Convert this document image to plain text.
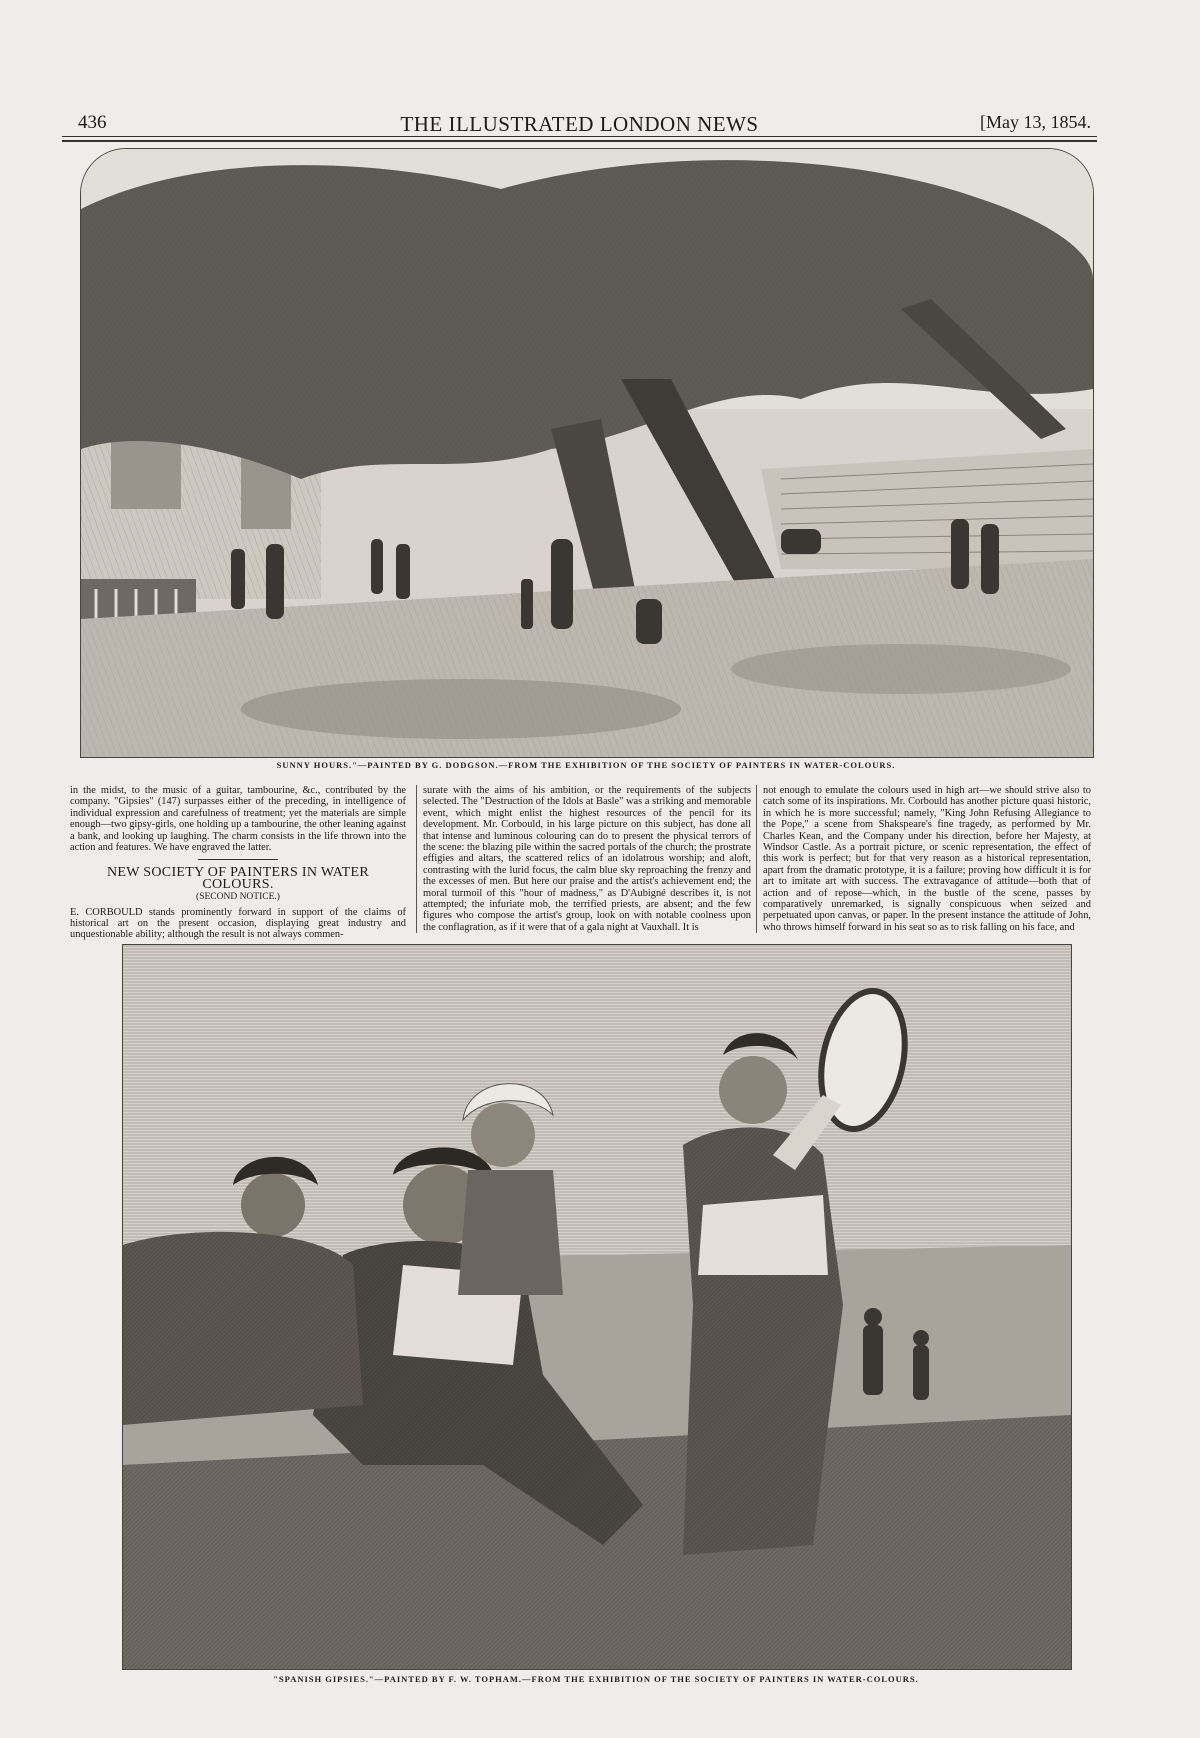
436	THE ILLUSTRATED LONDON NEWS	[May 13, 1854.
SUNNY HOURS."—PAINTED BY G. DODGSON.—FROM THE EXHIBITION OF THE SOCIETY OF PAINTERS IN WATER-COLOURS.

in the midst, to the music of a guitar, tambourine, &c., contributed by the company. "Gipsies" (147) surpasses either of the preceding, in intelligence of individual expression and carefulness of treatment; yet the materials are simple enough—two gipsy-girls, one holding up a tambourine, the other leaning against a bank, and looking up laughing. The charm consists in the life thrown into the action and features. We have engraved the latter.

NEW SOCIETY OF PAINTERS IN WATER COLOURS.
(SECOND NOTICE.)

E. CORBOULD stands prominently forward in support of the claims of historical art on the present occasion, displaying great industry and unquestionable ability; although the result is not always commen-

surate with the aims of his ambition, or the requirements of the subjects selected. The "Destruction of the Idols at Basle" was a striking and memorable event, which might enlist the highest resources of the pencil for its development. Mr. Corbould, in his large picture on this subject, has done all that intense and luminous colouring can do to present the physical terrors of the scene: the blazing pile within the sacred portals of the church; the prostrate effigies and altars, the scattered relics of an idolatrous worship; and aloft, contrasting with the lurid focus, the calm blue sky reproaching the frenzy and the excesses of men. But here our praise and the artist's achievement end; the moral turmoil of this "hour of madness," as D'Aubigné describes it, is not attempted; the infuriate mob, the terrified priests, are absent; and the few figures who compose the artist's group, look on with notable coolness upon the conflagration, as if it were that of a gala night at Vauxhall. It is

not enough to emulate the colours used in high art—we should strive also to catch some of its inspirations. Mr. Corbould has another picture quasi historic, in which he is more successful; namely, "King John Refusing Allegiance to the Pope," a scene from Shakspeare's fine tragedy, as performed by Mr. Charles Kean, and the Company under his direction, before her Majesty, at Windsor Castle. As a portrait picture, or scenic representation, the effect of this work is perfect; but for that very reason as a historical representation, apart from the dramatic prototype, it is a failure; proving how difficult it is for art to imitate art with success. The extravagance of attitude—both that of action and of repose—which, in the bustle of the scene, passes by comparatively unremarked, is signally conspicuous when seized and perpetuated upon canvas, or paper. In the present instance the attitude of John, who throws himself forward in his seat so as to risk falling on his face, and

"SPANISH GIPSIES."—PAINTED BY F. W. TOPHAM.—FROM THE EXHIBITION OF THE SOCIETY OF PAINTERS IN WATER-COLOURS.
